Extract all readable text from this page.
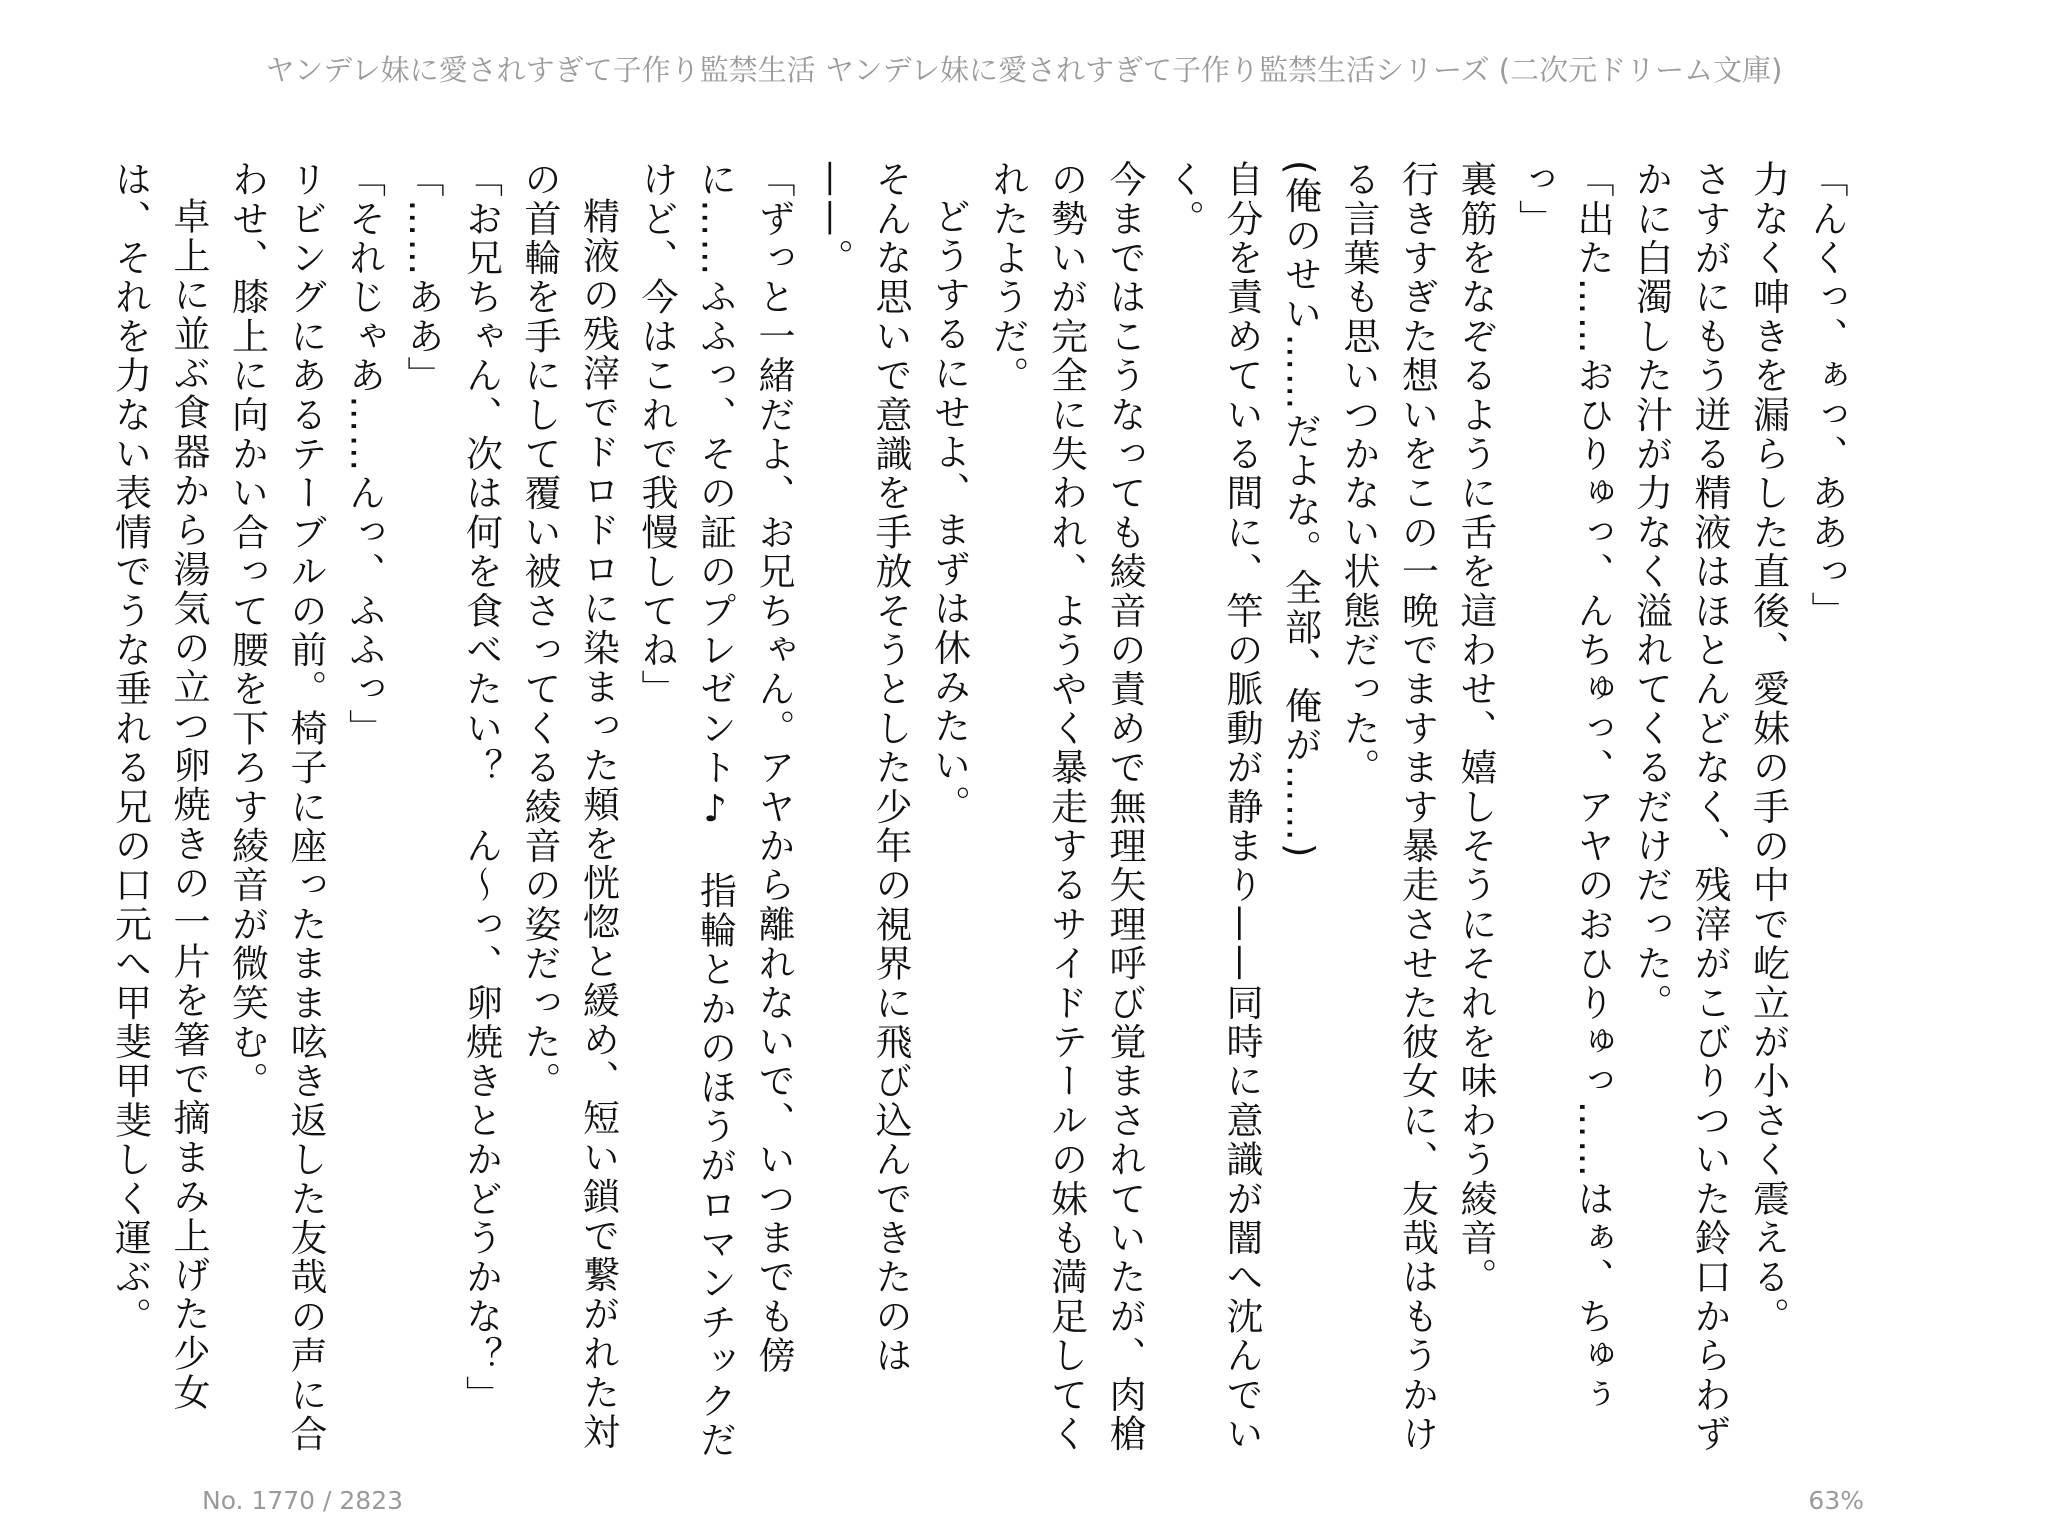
ヤンデレ妹に愛されすぎて子作り監禁生活 ヤンデレ妹に愛されすぎて子作り監禁生活シリーズ (二次元ドリーム文庫)

「んくっ、ぁっ、ああっ」

力なく呻きを漏らした直後、愛妹の手の中で屹立が小さく震える。

さすがにもう迸る精液はほとんどなく、残滓がこびりついた鈴口からわずかに白濁した汁が力なく溢れてくるだけだった。

「出た……おひりゅっ、んちゅっ、アヤのおひりゅっ……はぁ、ちゅぅっ」

裏筋をなぞるように舌を這わせ、嬉しそうにそれを味わう綾音。

行きすぎた想いをこの一晩でますます暴走させた彼女に、友哉はもうかける言葉も思いつかない状態だった。

(俺のせい……だよな。全部、俺が……)

自分を責めている間に、竿の脈動が静まり——同時に意識が闇へ沈んでいく。

今まではこうなっても綾音の責めで無理矢理呼び覚まされていたが、肉槍の勢いが完全に失われ、ようやく暴走するサイドテールの妹も満足してくれたようだ。

どうするにせよ、まずは休みたい。

そんな思いで意識を手放そうとした少年の視界に飛び込んできたのは——。

「ずっと一緒だよ、お兄ちゃん。アヤから離れないで、いつまでも傍に……ふふっ、その証のプレゼント♪　指輪とかのほうがロマンチックだけど、今はこれで我慢してね」

精液の残滓でドロドロに染まった頬を恍惚と緩め、短い鎖で繋がれた対の首輪を手にして覆い被さってくる綾音の姿だった。

「お兄ちゃん、次は何を食べたい？　ん〜っ、卵焼きとかどうかな？」

「……ああ」

「それじゃあ……んっ、ふふっ」

リビングにあるテーブルの前。椅子に座ったまま呟き返した友哉の声に合わせ、膝上に向かい合って腰を下ろす綾音が微笑む。

卓上に並ぶ食器から湯気の立つ卵焼きの一片を箸で摘まみ上げた少女は、それを力ない表情でうな垂れる兄の口元へ甲斐甲斐しく運ぶ。

No. 1770 / 2823	63%
